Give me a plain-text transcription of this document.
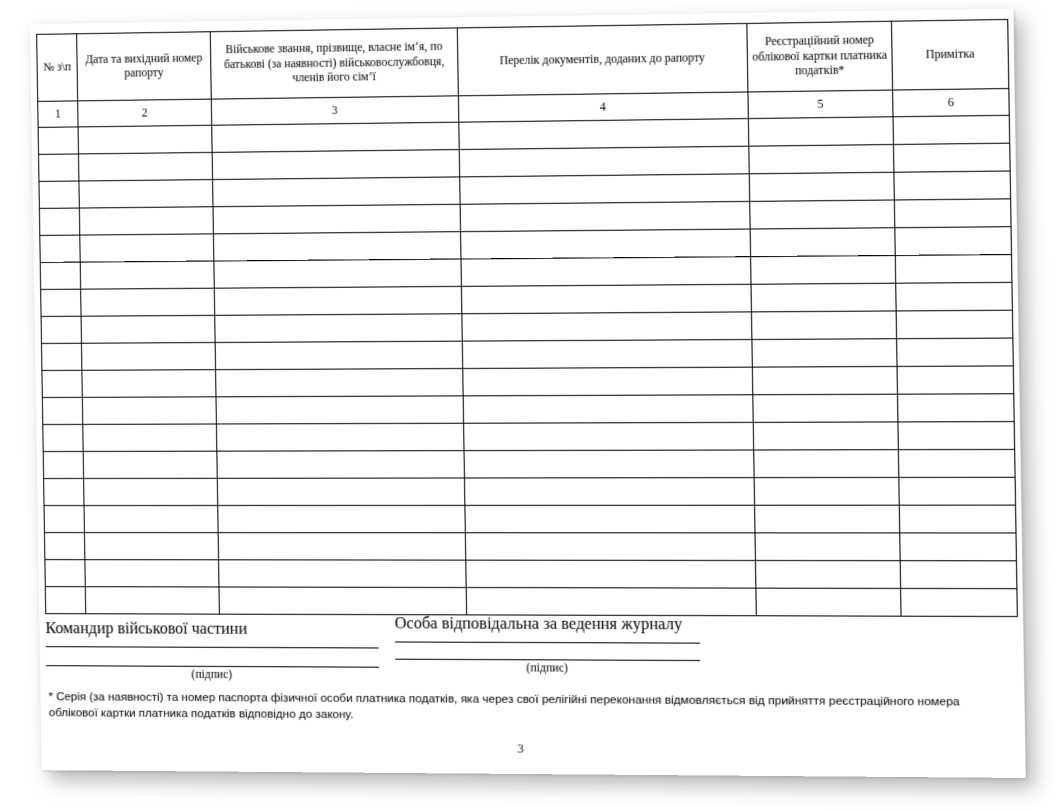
№ з\п	Дата та вихідний номер рапорту	Військове звання, прізвище, власне ім’я, по батькові (за наявності) військовослужбовця, членів його сім’ї	Перелік документів, доданих до рапорту	Реєстраційний номер облікової картки платника податків*	Примітка
1	2	3	4	5	6

Командир військової частини
(підпис)
Особа відповідальна за ведення журналу
(підпис)
* Серія (за наявності) та номер паспорта фізичної особи платника податків, яка через свої релігійні переконання відмовляється від прийняття реєстраційного номера облікової картки платника податків відповідно до закону.
3
